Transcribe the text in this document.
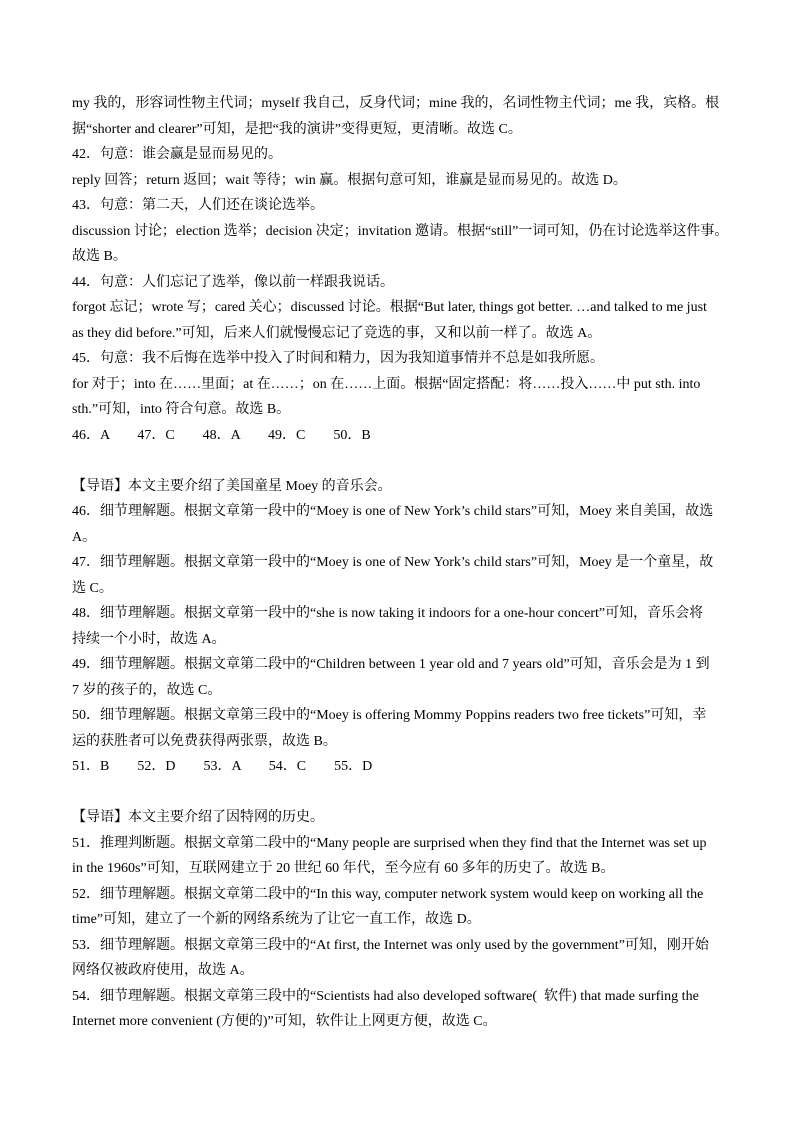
my 我的，形容词性物主代词；myself 我自己，反身代词；mine 我的，名词性物主代词；me 我，宾格。根

据“shorter and clearer”可知，是把“我的演讲”变得更短，更清晰。故选 C。

42．句意：谁会赢是显而易见的。

reply 回答；return 返回；wait 等待；win 赢。根据句意可知，谁赢是显而易见的。故选 D。

43．句意：第二天，人们还在谈论选举。

discussion 讨论；election 选举；decision 决定；invitation 邀请。根据“still”一词可知，仍在讨论选举这件事。

故选 B。

44．句意：人们忘记了选举，像以前一样跟我说话。

forgot 忘记；wrote 写；cared 关心；discussed 讨论。根据“But later, things got better. …and talked to me just

as they did before.”可知，后来人们就慢慢忘记了竞选的事，又和以前一样了。故选 A。

45．句意：我不后悔在选举中投入了时间和精力，因为我知道事情并不总是如我所愿。

for 对于；into 在……里面；at 在……；on 在……上面。根据“固定搭配：将……投入……中 put sth. into

sth.”可知，into 符合句意。故选 B。

46．A　　47．C　　48．A　　49．C　　50．B

【导语】本文主要介绍了美国童星 Moey 的音乐会。

46．细节理解题。根据文章第一段中的“Moey is one of New York’s child stars”可知，Moey 来自美国，故选

A。

47．细节理解题。根据文章第一段中的“Moey is one of New York’s child stars”可知，Moey 是一个童星，故

选 C。

48．细节理解题。根据文章第一段中的“she is now taking it indoors for a one-hour concert”可知，音乐会将

持续一个小时，故选 A。

49．细节理解题。根据文章第二段中的“Children between 1 year old and 7 years old”可知，音乐会是为 1 到

7 岁的孩子的，故选 C。

50．细节理解题。根据文章第三段中的“Moey is offering Mommy Poppins readers two free tickets”可知，幸

运的获胜者可以免费获得两张票，故选 B。

51．B　　52．D　　53．A　　54．C　　55．D

【导语】本文主要介绍了因特网的历史。

51．推理判断题。根据文章第二段中的“Many people are surprised when they find that the Internet was set up

in the 1960s”可知，互联网建立于 20 世纪 60 年代，至今应有 60 多年的历史了。故选 B。

52．细节理解题。根据文章第二段中的“In this way, computer network system would keep on working all the

time”可知，建立了一个新的网络系统为了让它一直工作，故选 D。

53．细节理解题。根据文章第三段中的“At first, the Internet was only used by the government”可知，刚开始

网络仅被政府使用，故选 A。

54．细节理解题。根据文章第三段中的“Scientists had also developed software(  软件) that made surfing the

Internet more convenient (方便的)”可知，软件让上网更方便，故选 C。
